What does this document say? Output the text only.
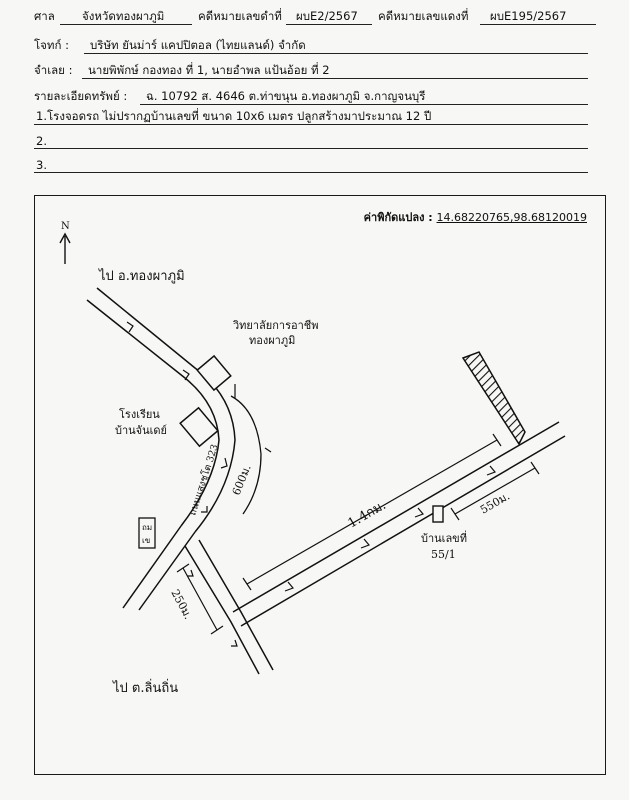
ศาล จังหวัดทองผาภูมิ	คดีหมายเลขดำที่ ผบE2/2567 คดีหมายเลขแดงที่ ผบE195/2567
โจทก์ : บริษัท ยันม่าร์ แคปปิตอล (ไทยแลนด์) จำกัด
จำเลย : นายพิพักษ์ กองทอง ที่ 1, นายอำพล แป้นอ้อย ที่ 2
รายละเอียดทรัพย์ : ฉ. 10792 ส. 4646 ต.ท่าขนุน อ.ทองผาภูมิ จ.กาญจนบุรี
1.โรงจอดรถ ไม่ปรากฏบ้านเลขที่ ขนาด 10x6 เมตร ปลูกสร้างมาประมาณ 12 ปี
2.
3.
ค่าพิกัดแปลง : 14.68220765,98.68120019
N
วิทยาลัยการอาชีพ
ทองผาภูมิ
โรงเรียน
บ้านจันเดย์
ถนนแสงชูโต 323
ถม
เข
600ม.
1.4กม.	550ม.
250ม.
บ้านเลขที่
55/1
ไป อ.ทองผาภูมิ
ไป ต.ลิ่นถิ่น
